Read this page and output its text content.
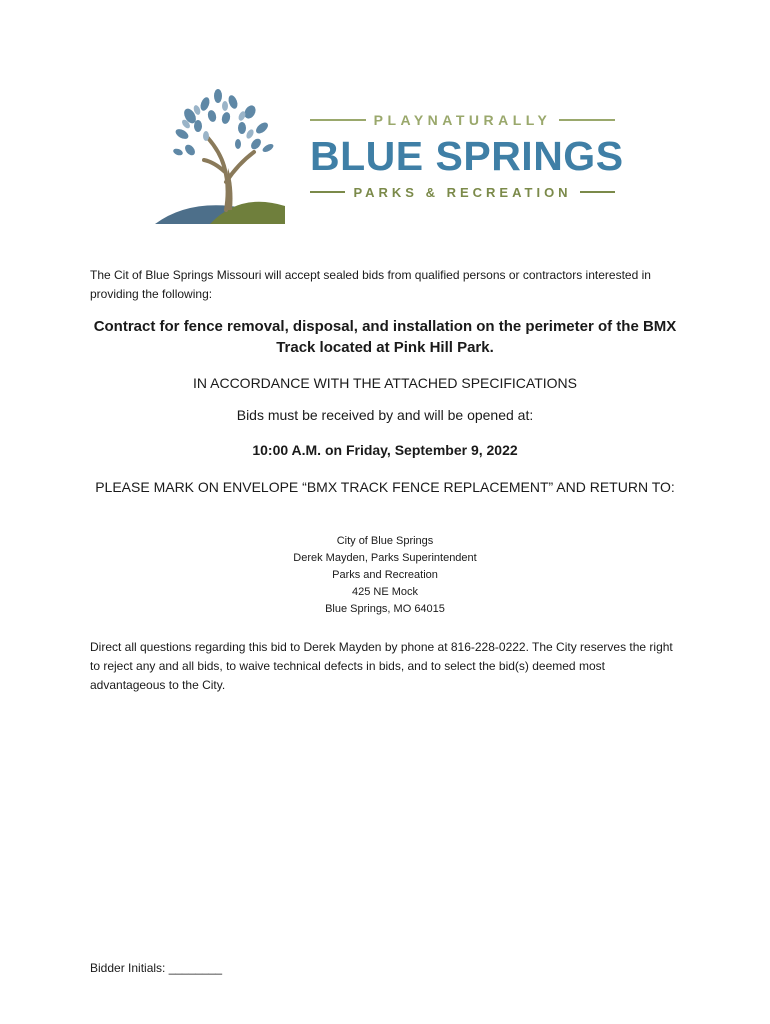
PLAYNATURALLY
BLUE SPRINGS
PARKS & RECREATION
The Cit of Blue Springs Missouri will accept sealed bids from qualified persons or contractors interested in providing the following:
Contract for fence removal, disposal, and installation on the perimeter of the BMX Track located at Pink Hill Park.
IN ACCORDANCE WITH THE ATTACHED SPECIFICATIONS
Bids must be received by and will be opened at:
10:00 A.M. on Friday, September 9, 2022
PLEASE MARK ON ENVELOPE “BMX TRACK FENCE REPLACEMENT” AND RETURN TO:
City of Blue Springs
Derek Mayden, Parks Superintendent
Parks and Recreation
425 NE Mock
Blue Springs, MO 64015
Direct all questions regarding this bid to Derek Mayden by phone at 816-228-0222. The City reserves the right to reject any and all bids, to waive technical defects in bids, and to select the bid(s) deemed most advantageous to the City.
Bidder Initials: ________
